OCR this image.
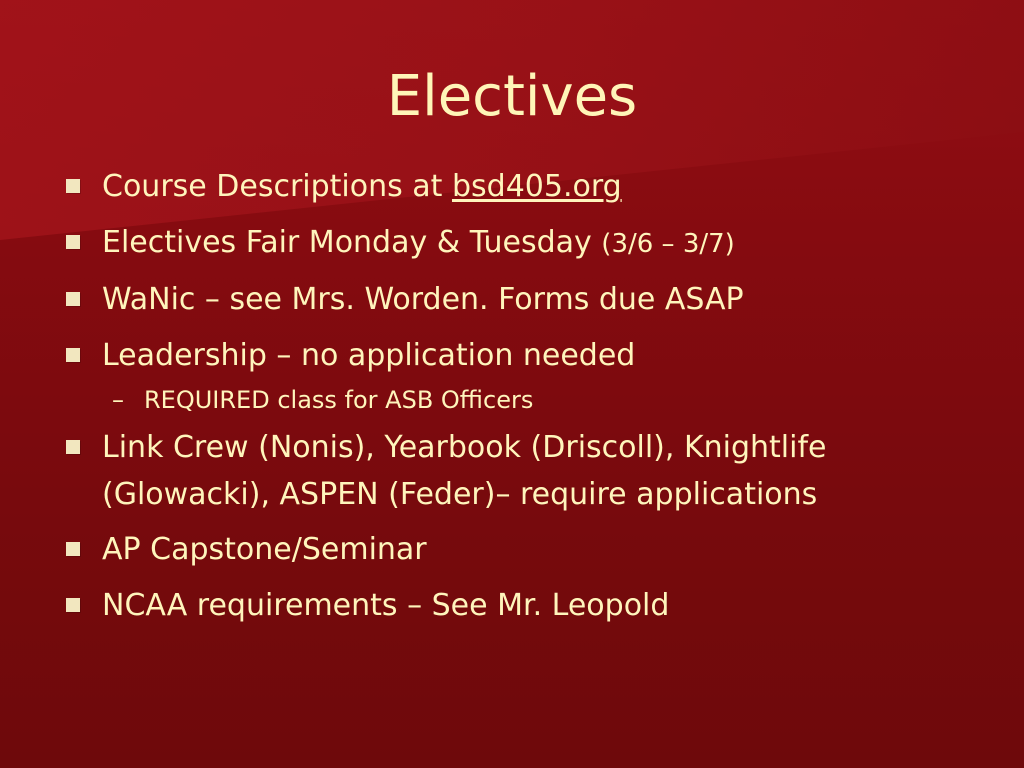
Electives
Course Descriptions at bsd405.org
Electives Fair Monday & Tuesday (3/6 – 3/7)
WaNic – see Mrs. Worden. Forms due ASAP
Leadership – no application needed
– REQUIRED class for ASB Officers
Link Crew (Nonis), Yearbook (Driscoll), Knightlife (Glowacki), ASPEN (Feder)– require applications
AP Capstone/Seminar
NCAA requirements – See Mr. Leopold
